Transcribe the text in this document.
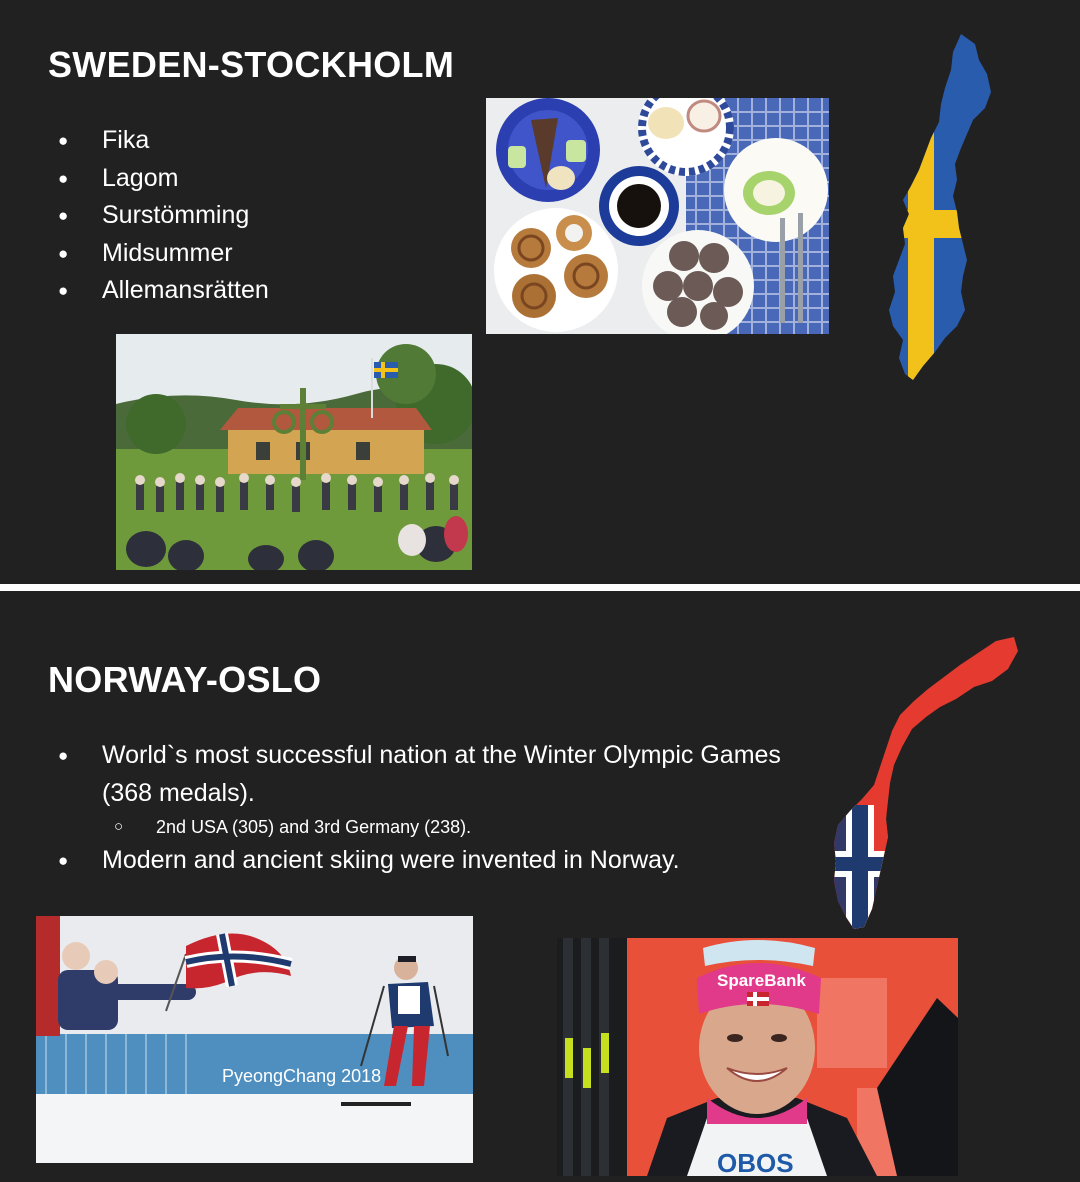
SWEDEN-STOCKHOLM
● Fika
● Lagom
● Surstömming
● Midsummer
● Allemansrätten
NORWAY-OSLO
● World`s most successful nation at the Winter Olympic Games (368 medals).
○ 2nd USA (305) and 3rd Germany (238).
● Modern and ancient skiing were invented in Norway.
PyeongChang 2018
OBOS
SpareBank
